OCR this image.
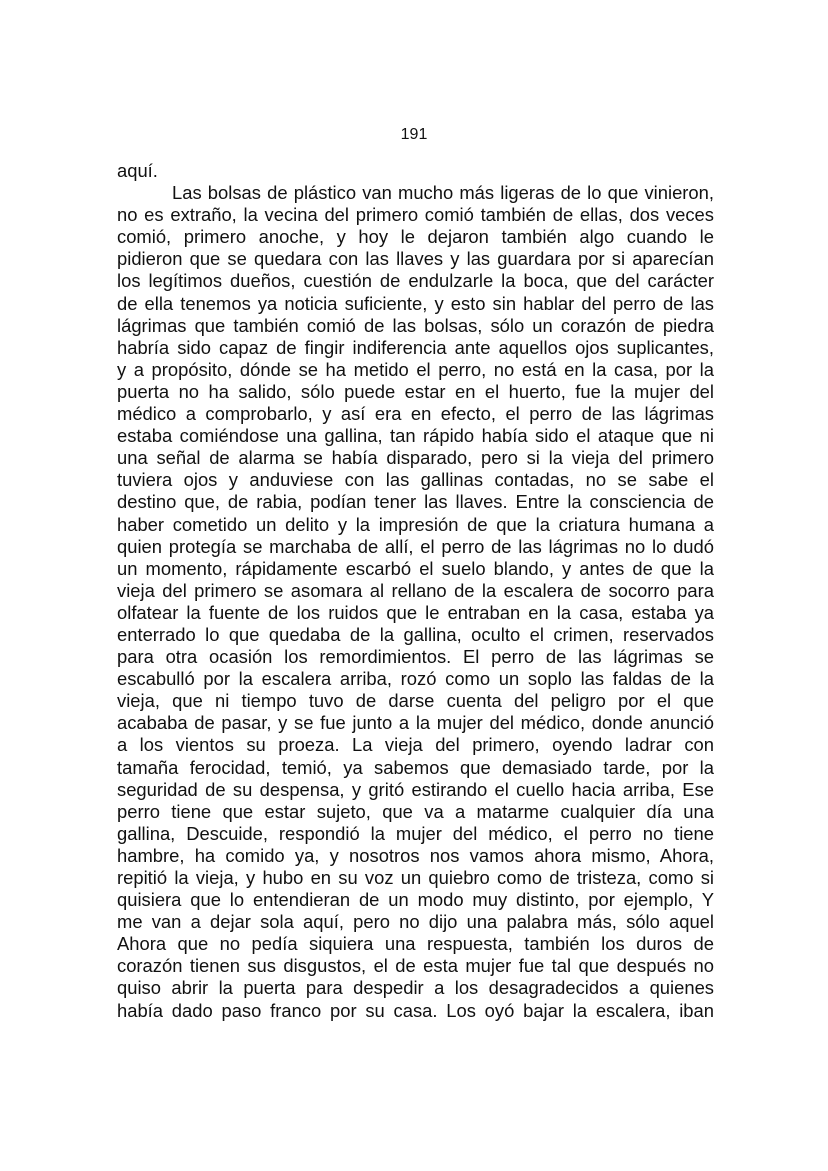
191
aquí.
Las bolsas de plástico van mucho más ligeras de lo que vinieron,
no es extraño, la vecina del primero comió también de ellas, dos veces
comió, primero anoche, y hoy le dejaron también algo cuando le
pidieron que se quedara con las llaves y las guardara por si aparecían
los legítimos dueños, cuestión de endulzarle la boca, que del carácter
de ella tenemos ya noticia suficiente, y esto sin hablar del perro de las
lágrimas que también comió de las bolsas, sólo un corazón de piedra
habría sido capaz de fingir indiferencia ante aquellos ojos suplicantes,
y a propósito, dónde se ha metido el perro, no está en la casa, por la
puerta no ha salido, sólo puede estar en el huerto, fue la mujer del
médico a comprobarlo, y así era en efecto, el perro de las lágrimas
estaba comiéndose una gallina, tan rápido había sido el ataque que ni
una señal de alarma se había disparado, pero si la vieja del primero
tuviera ojos y anduviese con las gallinas contadas, no se sabe el
destino que, de rabia, podían tener las llaves. Entre la consciencia de
haber cometido un delito y la impresión de que la criatura humana a
quien protegía se marchaba de allí, el perro de las lágrimas no lo dudó
un momento, rápidamente escarbó el suelo blando, y antes de que la
vieja del primero se asomara al rellano de la escalera de socorro para
olfatear la fuente de los ruidos que le entraban en la casa, estaba ya
enterrado lo que quedaba de la gallina, oculto el crimen, reservados
para otra ocasión los remordimientos. El perro de las lágrimas se
escabulló por la escalera arriba, rozó como un soplo las faldas de la
vieja, que ni tiempo tuvo de darse cuenta del peligro por el que
acababa de pasar, y se fue junto a la mujer del médico, donde anunció
a los vientos su proeza. La vieja del primero, oyendo ladrar con
tamaña ferocidad, temió, ya sabemos que demasiado tarde, por la
seguridad de su despensa, y gritó estirando el cuello hacia arriba, Ese
perro tiene que estar sujeto, que va a matarme cualquier día una
gallina, Descuide, respondió la mujer del médico, el perro no tiene
hambre, ha comido ya, y nosotros nos vamos ahora mismo, Ahora,
repitió la vieja, y hubo en su voz un quiebro como de tristeza, como si
quisiera que lo entendieran de un modo muy distinto, por ejemplo, Y
me van a dejar sola aquí, pero no dijo una palabra más, sólo aquel
Ahora que no pedía siquiera una respuesta, también los duros de
corazón tienen sus disgustos, el de esta mujer fue tal que después no
quiso abrir la puerta para despedir a los desagradecidos a quienes
había dado paso franco por su casa. Los oyó bajar la escalera, iban
